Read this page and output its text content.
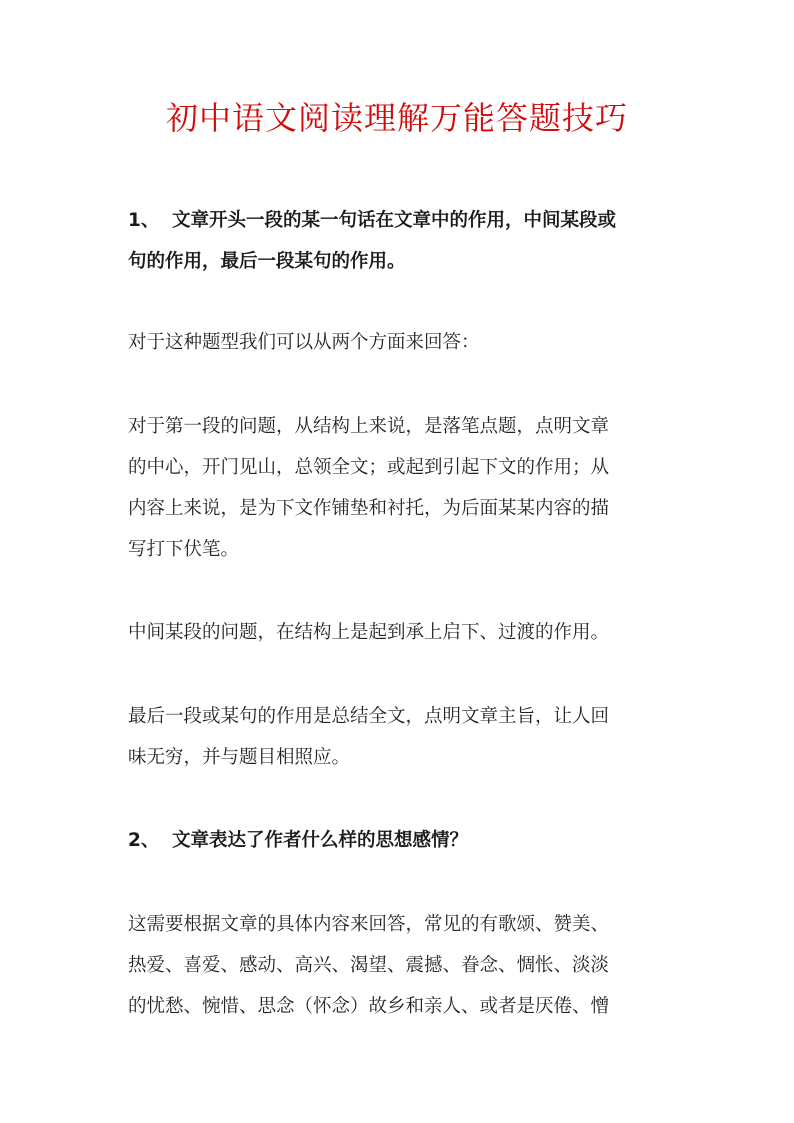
初中语文阅读理解万能答题技巧
1、 文章开头一段的某一句话在文章中的作用，中间某段或
句的作用，最后一段某句的作用。
对于这种题型我们可以从两个方面来回答：
对于第一段的问题，从结构上来说，是落笔点题，点明文章
的中心，开门见山，总领全文；或起到引起下文的作用；从
内容上来说，是为下文作铺垫和衬托，为后面某某内容的描
写打下伏笔。
中间某段的问题，在结构上是起到承上启下、过渡的作用。
最后一段或某句的作用是总结全文，点明文章主旨，让人回
味无穷，并与题目相照应。
2、 文章表达了作者什么样的思想感情？
这需要根据文章的具体内容来回答，常见的有歌颂、赞美、
热爱、喜爱、感动、高兴、渴望、震撼、眷念、惆怅、淡淡
的忧愁、惋惜、思念（怀念）故乡和亲人、或者是厌倦、憎
